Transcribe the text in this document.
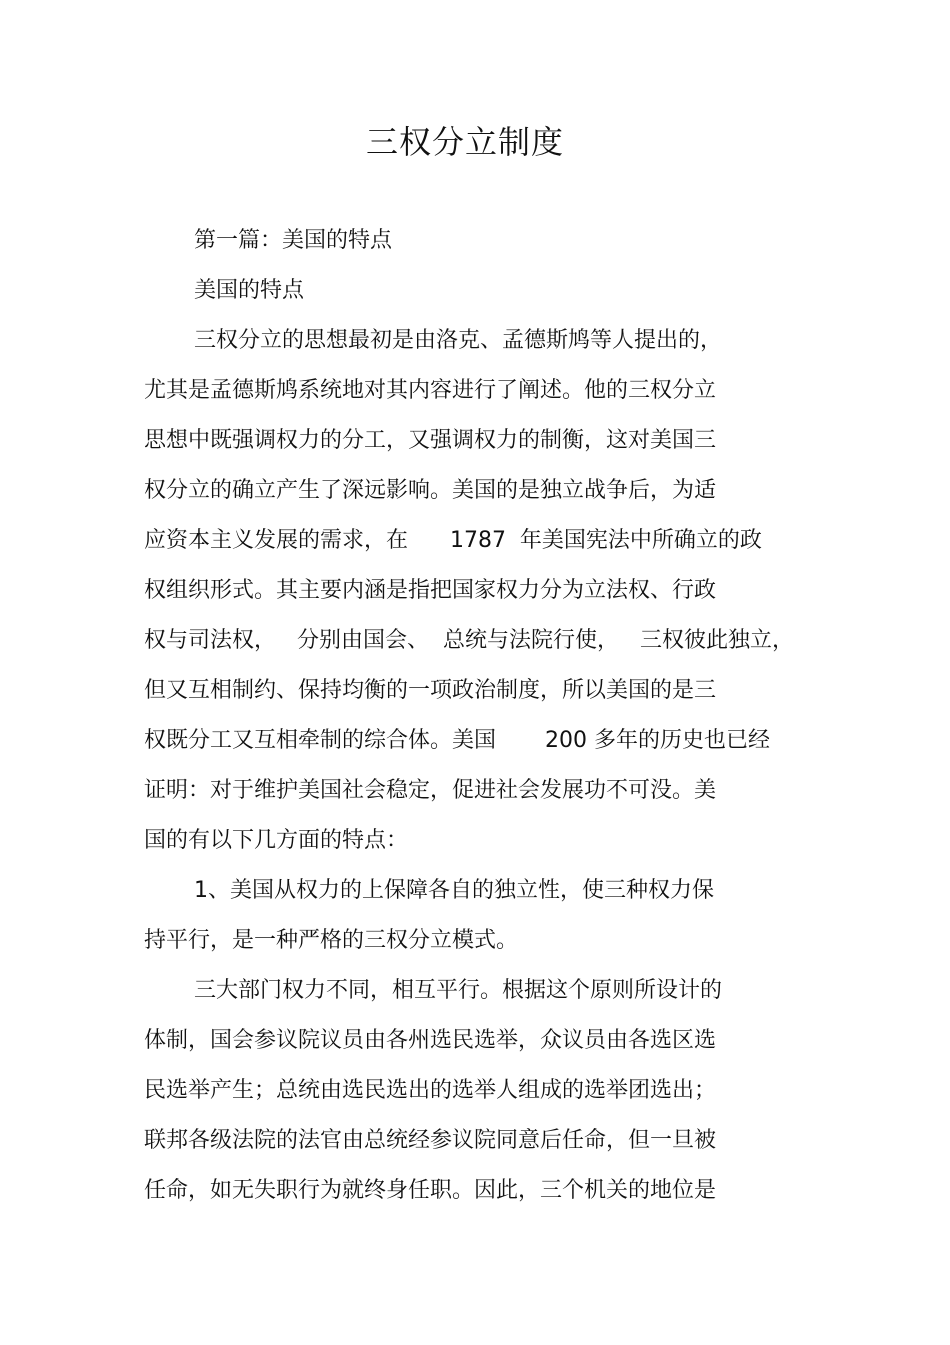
三权分立制度
第一篇：美国的特点
美国的特点
三权分立的思想最初是由洛克、孟德斯鸠等人提出的，
尤其是孟德斯鸠系统地对其内容进行了阐述。他的三权分立
思想中既强调权力的分工，又强调权力的制衡，这对美国三
权分立的确立产生了深远影响。美国的是独立战争后，为适
应资本主义发展的需求，在      1787  年美国宪法中所确立的政
权组织形式。其主要内涵是指把国家权力分为立法权、行政
权与司法权，   分别由国会、  总统与法院行使，   三权彼此独立，
但又互相制约、保持均衡的一项政治制度，所以美国的是三
权既分工又互相牵制的综合体。美国       200 多年的历史也已经
证明：对于维护美国社会稳定，促进社会发展功不可没。美
国的有以下几方面的特点：
1、美国从权力的上保障各自的独立性，使三种权力保
持平行，是一种严格的三权分立模式。
三大部门权力不同，相互平行。根据这个原则所设计的
体制，国会参议院议员由各州选民选举，众议员由各选区选
民选举产生；总统由选民选出的选举人组成的选举团选出；
联邦各级法院的法官由总统经参议院同意后任命，但一旦被
任命，如无失职行为就终身任职。因此，三个机关的地位是
